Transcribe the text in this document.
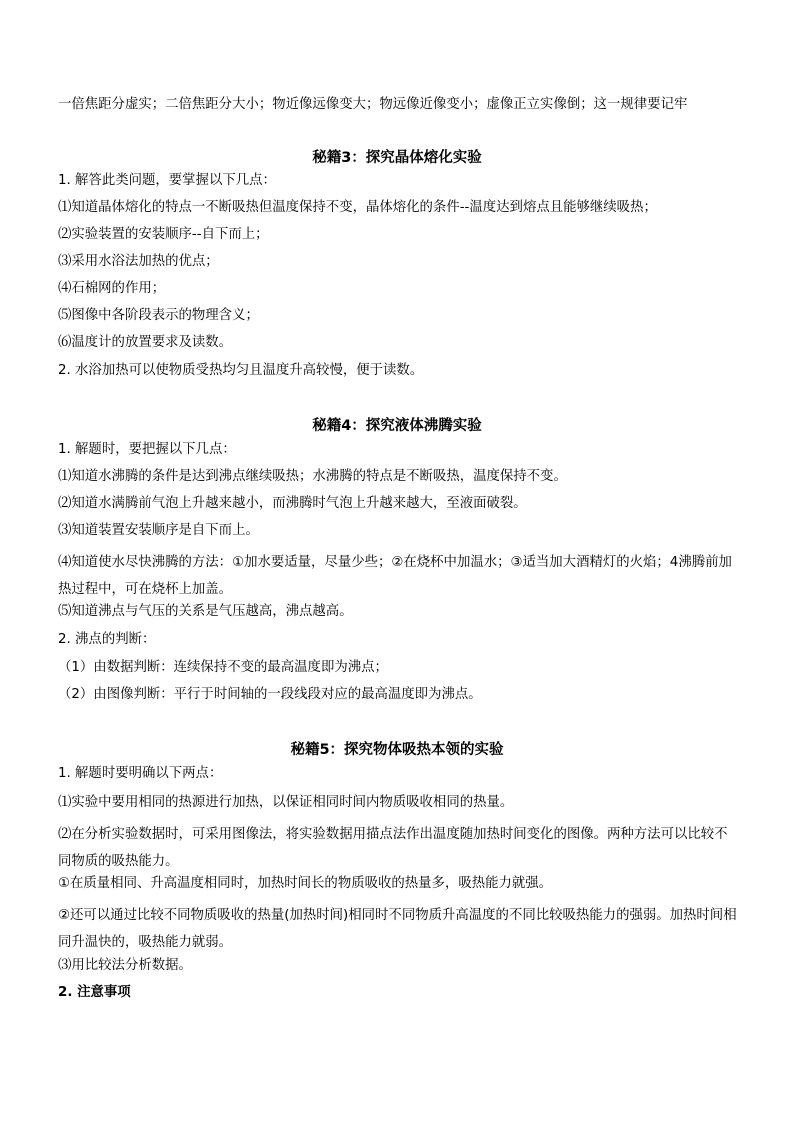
一倍焦距分虚实；二倍焦距分大小；物近像远像变大；物远像近像变小；虚像正立实像倒；这一规律要记牢
秘籍3：探究晶体熔化实验
1. 解答此类问题，要掌握以下几点：
⑴知道晶体熔化的特点一不断吸热但温度保持不变，晶体熔化的条件--温度达到熔点且能够继续吸热；
⑵实验装置的安装顺序--自下而上；
⑶采用水浴法加热的优点；
⑷石棉网的作用；
⑸图像中各阶段表示的物理含义；
⑹温度计的放置要求及读数。
2. 水浴加热可以使物质受热均匀且温度升高较慢，便于读数。
秘籍4：探究液体沸腾实验
1. 解题时，要把握以下几点：
⑴知道水沸腾的条件是达到沸点继续吸热；水沸腾的特点是不断吸热，温度保持不变。
⑵知道水满腾前气泡上升越来越小，而沸腾时气泡上升越来越大，至液面破裂。
⑶知道装置安装顺序是自下而上。
⑷知道使水尽快沸腾的方法：①加水要适量，尽量少些；②在烧杯中加温水；③适当加大酒精灯的火焰；4沸腾前加热过程中，可在烧杯上加盖。
⑸知道沸点与气压的关系是气压越高，沸点越高。
2. 沸点的判断：
（1）由数据判断：连续保持不变的最高温度即为沸点；
（2）由图像判断：平行于时间轴的一段线段对应的最高温度即为沸点。
秘籍5：探究物体吸热本领的实验
1. 解题时要明确以下两点：
⑴实验中要用相同的热源进行加热，以保证相同时间内物质吸收相同的热量。
⑵在分析实验数据时，可采用图像法，将实验数据用描点法作出温度随加热时间变化的图像。两种方法可以比较不同物质的吸热能力。
①在质量相同、升高温度相同时，加热时间长的物质吸收的热量多，吸热能力就强。
②还可以通过比较不同物质吸收的热量(加热时间)相同时不同物质升高温度的不同比较吸热能力的强弱。加热时间相同升温快的，吸热能力就弱。
⑶用比较法分析数据。
2. 注意事项
